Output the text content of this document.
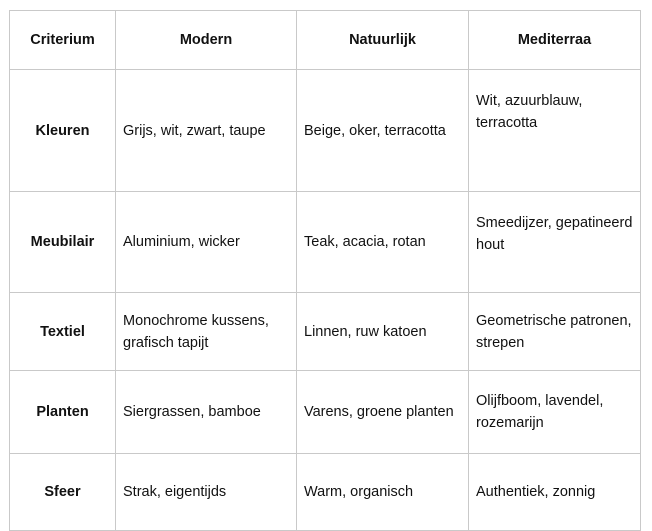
Criterium	Modern	Natuurlijk	Mediterraa
Kleuren	Grijs, wit, zwart, taupe	Beige, oker, terracotta	Wit, azuurblauw, terracotta
Meubilair	Aluminium, wicker	Teak, acacia, rotan	Smeedijzer, gepatineerd hout
Textiel	Monochrome kussens, grafisch tapijt	Linnen, ruw katoen	Geometrische patronen, strepen
Planten	Siergrassen, bamboe	Varens, groene planten	Olijfboom, lavendel, rozemarijn
Sfeer	Strak, eigentijds	Warm, organisch	Authentiek, zonnig
